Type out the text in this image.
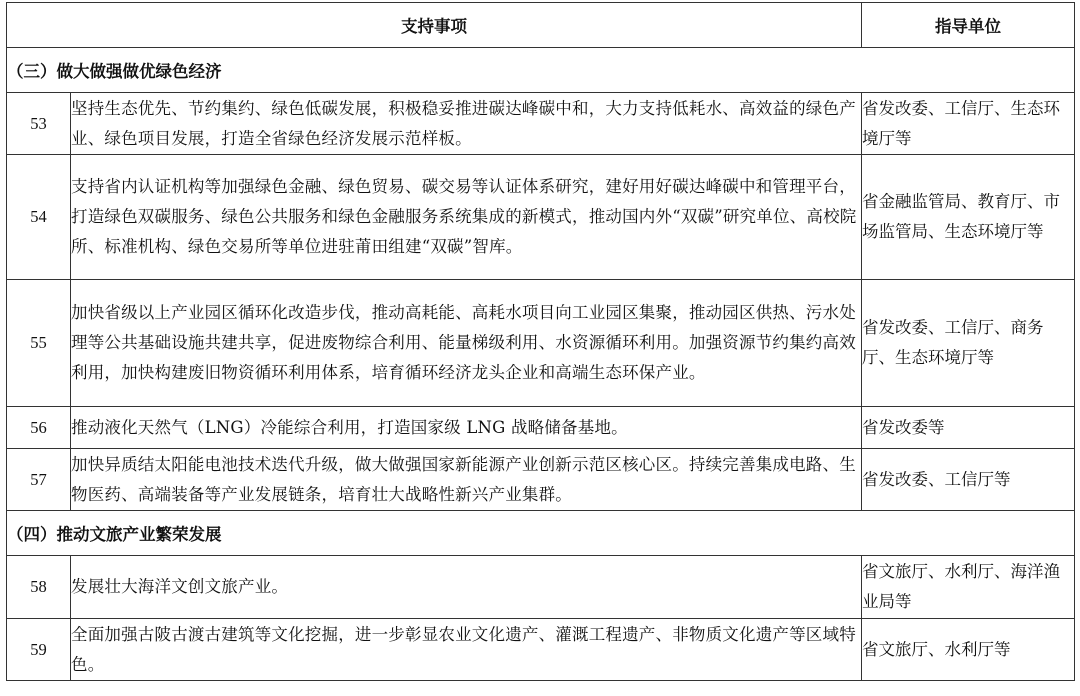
支持事项		指导单位
（三）做大做强做优绿色经济		
53	坚持生态优先、节约集约、绿色低碳发展，积极稳妥推进碳达峰碳中和，大力支持低耗水、高效益的绿色产业、绿色项目发展，打造全省绿色经济发展示范样板。	省发改委、工信厅、生态环境厅等
54	支持省内认证机构等加强绿色金融、绿色贸易、碳交易等认证体系研究，建好用好碳达峰碳中和管理平台，打造绿色双碳服务、绿色公共服务和绿色金融服务系统集成的新模式，推动国内外“双碳”研究单位、高校院所、标准机构、绿色交易所等单位进驻莆田组建“双碳”智库。	省金融监管局、教育厅、市场监管局、生态环境厅等
55	加快省级以上产业园区循环化改造步伐，推动高耗能、高耗水项目向工业园区集聚，推动园区供热、污水处理等公共基础设施共建共享，促进废物综合利用、能量梯级利用、水资源循环利用。加强资源节约集约高效利用，加快构建废旧物资循环利用体系，培育循环经济龙头企业和高端生态环保产业。	省发改委、工信厅、商务厅、生态环境厅等
56	推动液化天然气（LNG）冷能综合利用，打造国家级 LNG 战略储备基地。	省发改委等
57	加快异质结太阳能电池技术迭代升级，做大做强国家新能源产业创新示范区核心区。持续完善集成电路、生物医药、高端装备等产业发展链条，培育壮大战略性新兴产业集群。	省发改委、工信厅等
（四）推动文旅产业繁荣发展		
58	发展壮大海洋文创文旅产业。	省文旅厅、水利厅、海洋渔业局等
59	全面加强古陂古渡古建筑等文化挖掘，进一步彰显农业文化遗产、灌溉工程遗产、非物质文化遗产等区域特色。	省文旅厅、水利厅等
